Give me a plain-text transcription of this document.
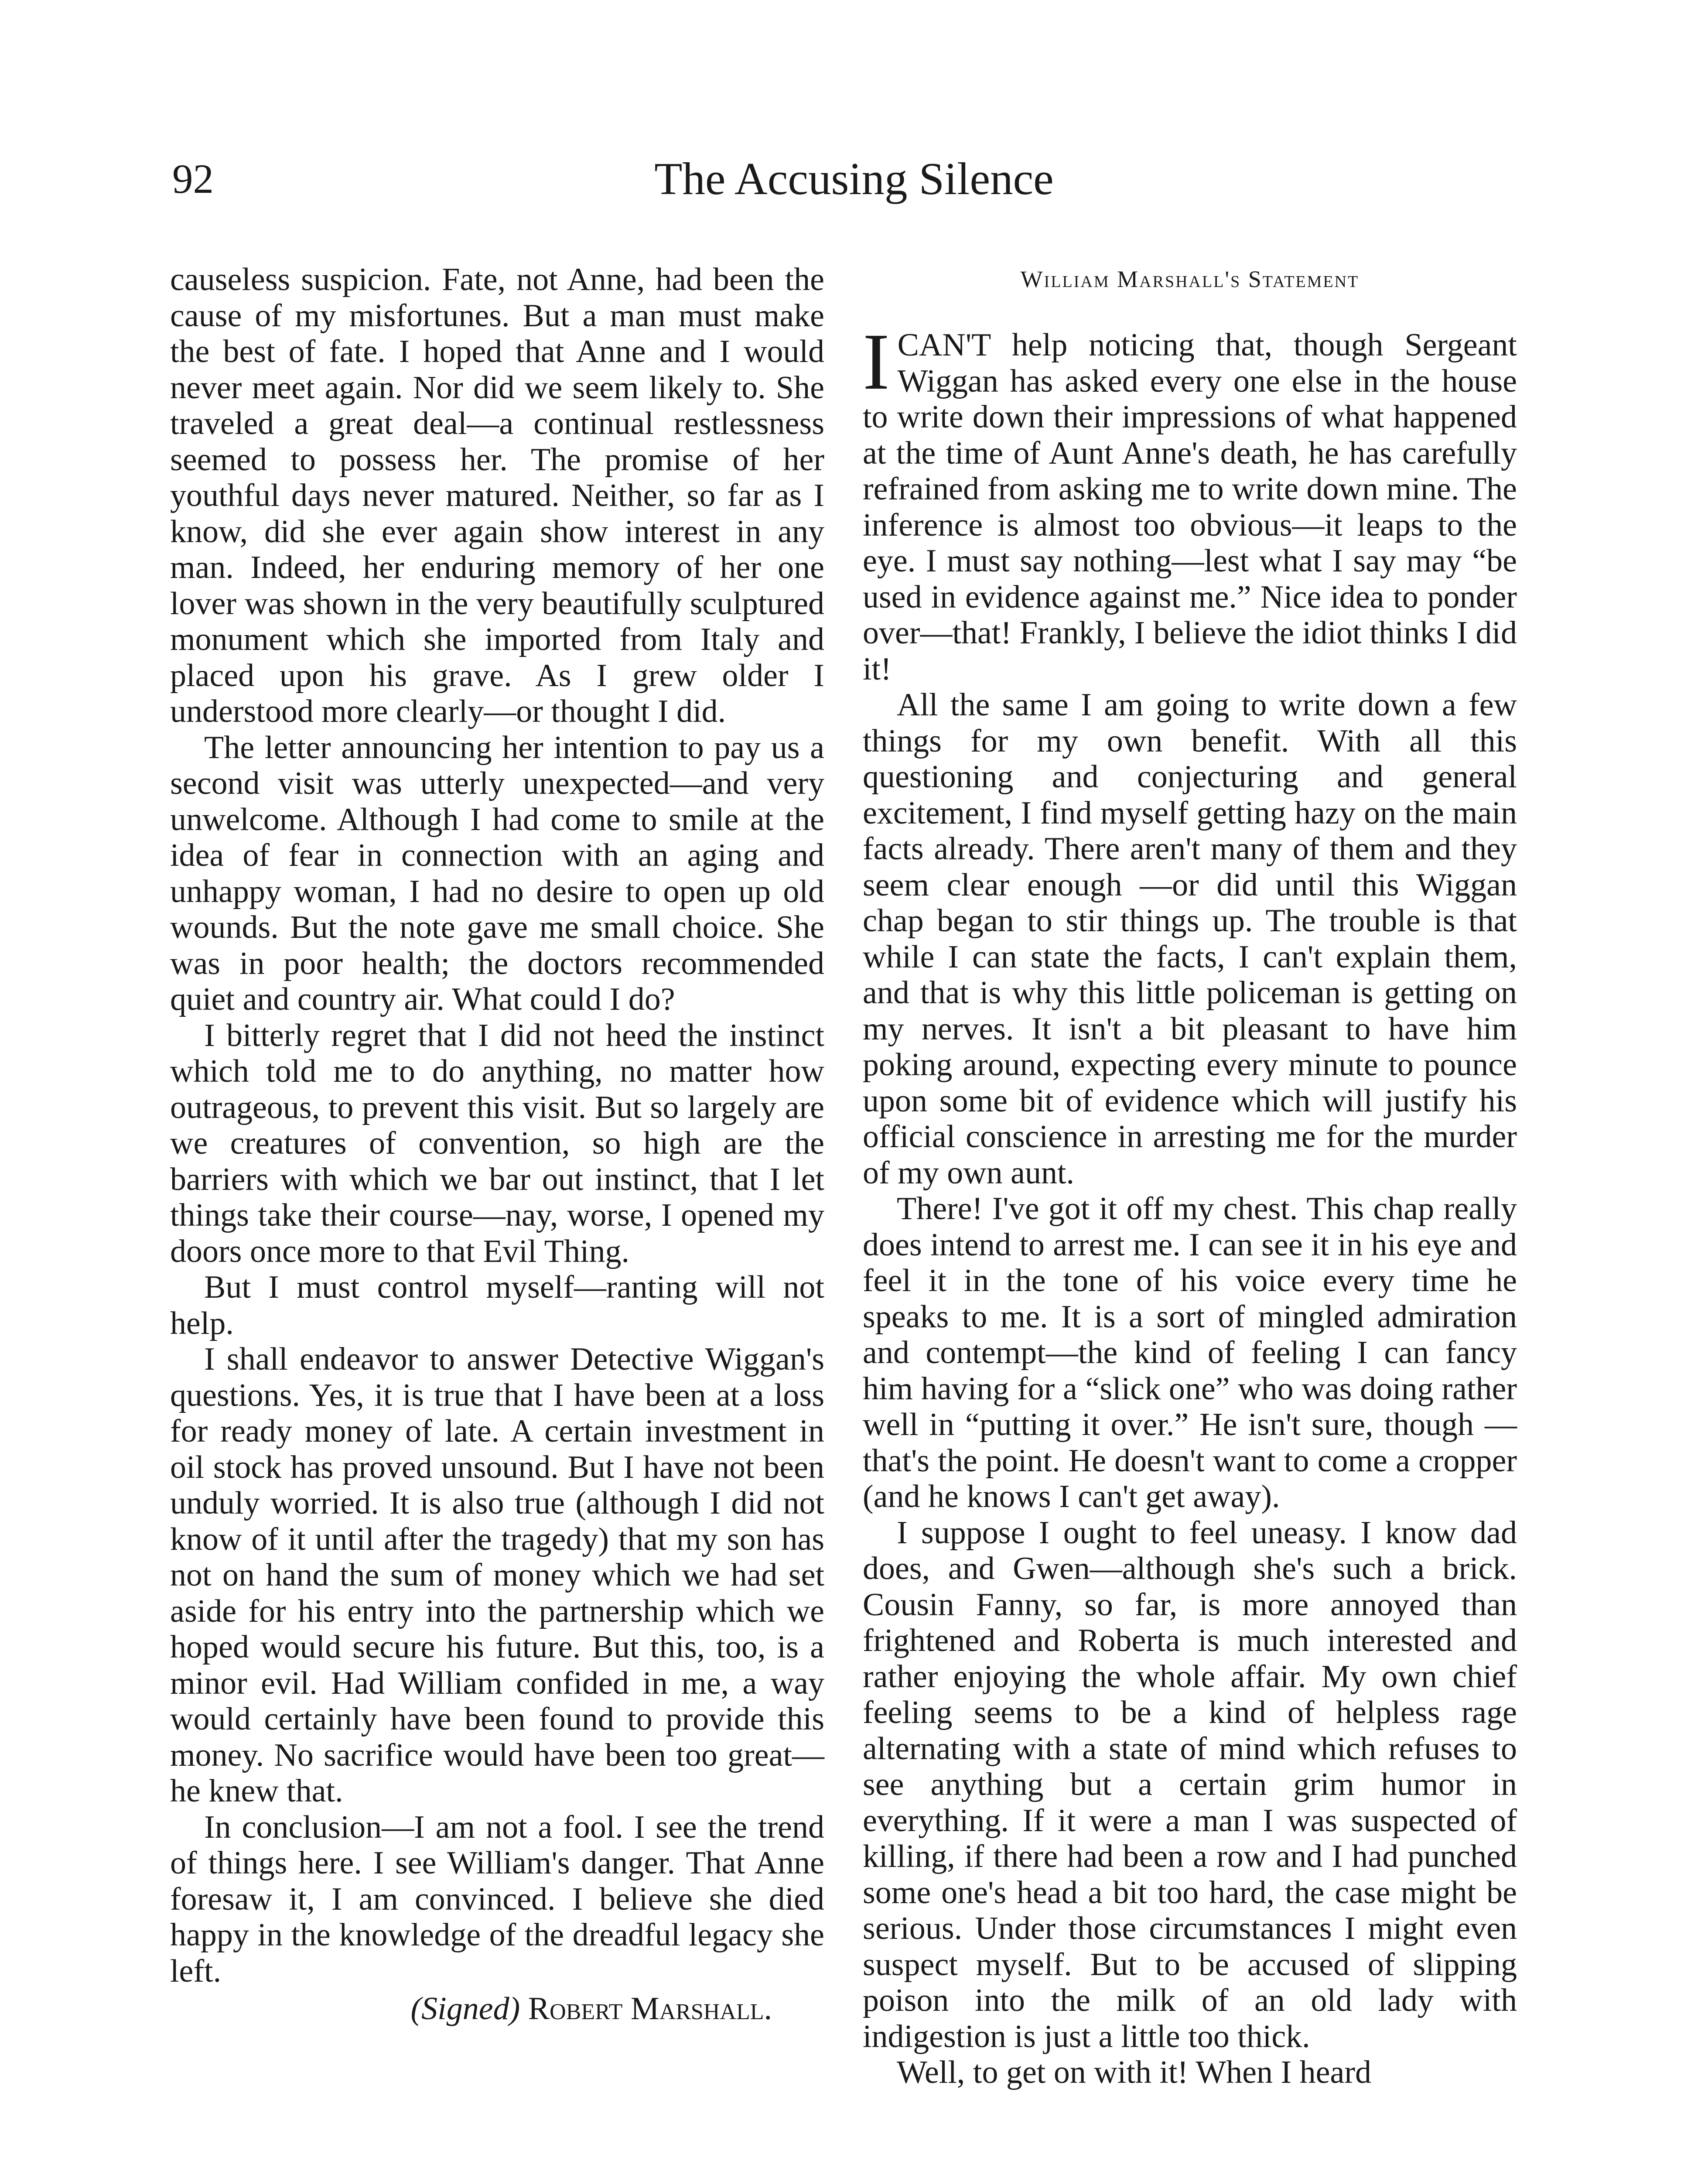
92	The Accusing Silence

causeless suspicion. Fate, not Anne, had been the cause of my misfortunes. But a man must make the best of fate. I hoped that Anne and I would never meet again. Nor did we seem likely to. She traveled a great deal—a continual restlessness seemed to possess her. The promise of her youthful days never matured. Neither, so far as I know, did she ever again show interest in any man. Indeed, her enduring memory of her one lover was shown in the very beautifully sculptured monument which she imported from Italy and placed upon his grave. As I grew older I understood more clearly—or thought I did.

The letter announcing her intention to pay us a second visit was utterly unexpected—and very unwelcome. Although I had come to smile at the idea of fear in connection with an aging and unhappy woman, I had no desire to open up old wounds. But the note gave me small choice. She was in poor health; the doctors recommended quiet and country air. What could I do?

I bitterly regret that I did not heed the instinct which told me to do anything, no matter how outrageous, to prevent this visit. But so largely are we creatures of convention, so high are the barriers with which we bar out instinct, that I let things take their course—nay, worse, I opened my doors once more to that Evil Thing.

But I must control myself—ranting will not help.

I shall endeavor to answer Detective Wiggan's questions. Yes, it is true that I have been at a loss for ready money of late. A certain investment in oil stock has proved unsound. But I have not been unduly worried. It is also true (although I did not know of it until after the tragedy) that my son has not on hand the sum of money which we had set aside for his entry into the partnership which we hoped would secure his future. But this, too, is a minor evil. Had William confided in me, a way would certainly have been found to provide this money. No sacrifice would have been too great—he knew that.

In conclusion—I am not a fool. I see the trend of things here. I see William's danger. That Anne foresaw it, I am convinced. I believe she died happy in the knowledge of the dreadful legacy she left.

(Signed) Robert Marshall.
William Marshall's Statement

ICAN'T help noticing that, though Sergeant Wiggan has asked every one else in the house to write down their impressions of what happened at the time of Aunt Anne's death, he has carefully refrained from asking me to write down mine. The inference is almost too obvious—it leaps to the eye. I must say nothing—lest what I say may “be used in evidence against me.” Nice idea to ponder over—that! Frankly, I believe the idiot thinks I did it!

All the same I am going to write down a few things for my own benefit. With all this questioning and conjecturing and general excitement, I find myself getting hazy on the main facts already. There aren't many of them and they seem clear enough —or did until this Wiggan chap began to stir things up. The trouble is that while I can state the facts, I can't explain them, and that is why this little policeman is getting on my nerves. It isn't a bit pleasant to have him poking around, expecting every minute to pounce upon some bit of evidence which will justify his official conscience in arresting me for the murder of my own aunt.

There! I've got it off my chest. This chap really does intend to arrest me. I can see it in his eye and feel it in the tone of his voice every time he speaks to me. It is a sort of mingled admiration and contempt—the kind of feeling I can fancy him having for a “slick one” who was doing rather well in “putting it over.” He isn't sure, though —that's the point. He doesn't want to come a cropper (and he knows I can't get away).

I suppose I ought to feel uneasy. I know dad does, and Gwen—although she's such a brick. Cousin Fanny, so far, is more annoyed than frightened and Roberta is much interested and rather enjoying the whole affair. My own chief feeling seems to be a kind of helpless rage alternating with a state of mind which refuses to see anything but a certain grim humor in everything. If it were a man I was suspected of killing, if there had been a row and I had punched some one's head a bit too hard, the case might be serious. Under those circumstances I might even suspect myself. But to be accused of slipping poison into the milk of an old lady with indigestion is just a little too thick.

Well, to get on with it! When I heard
